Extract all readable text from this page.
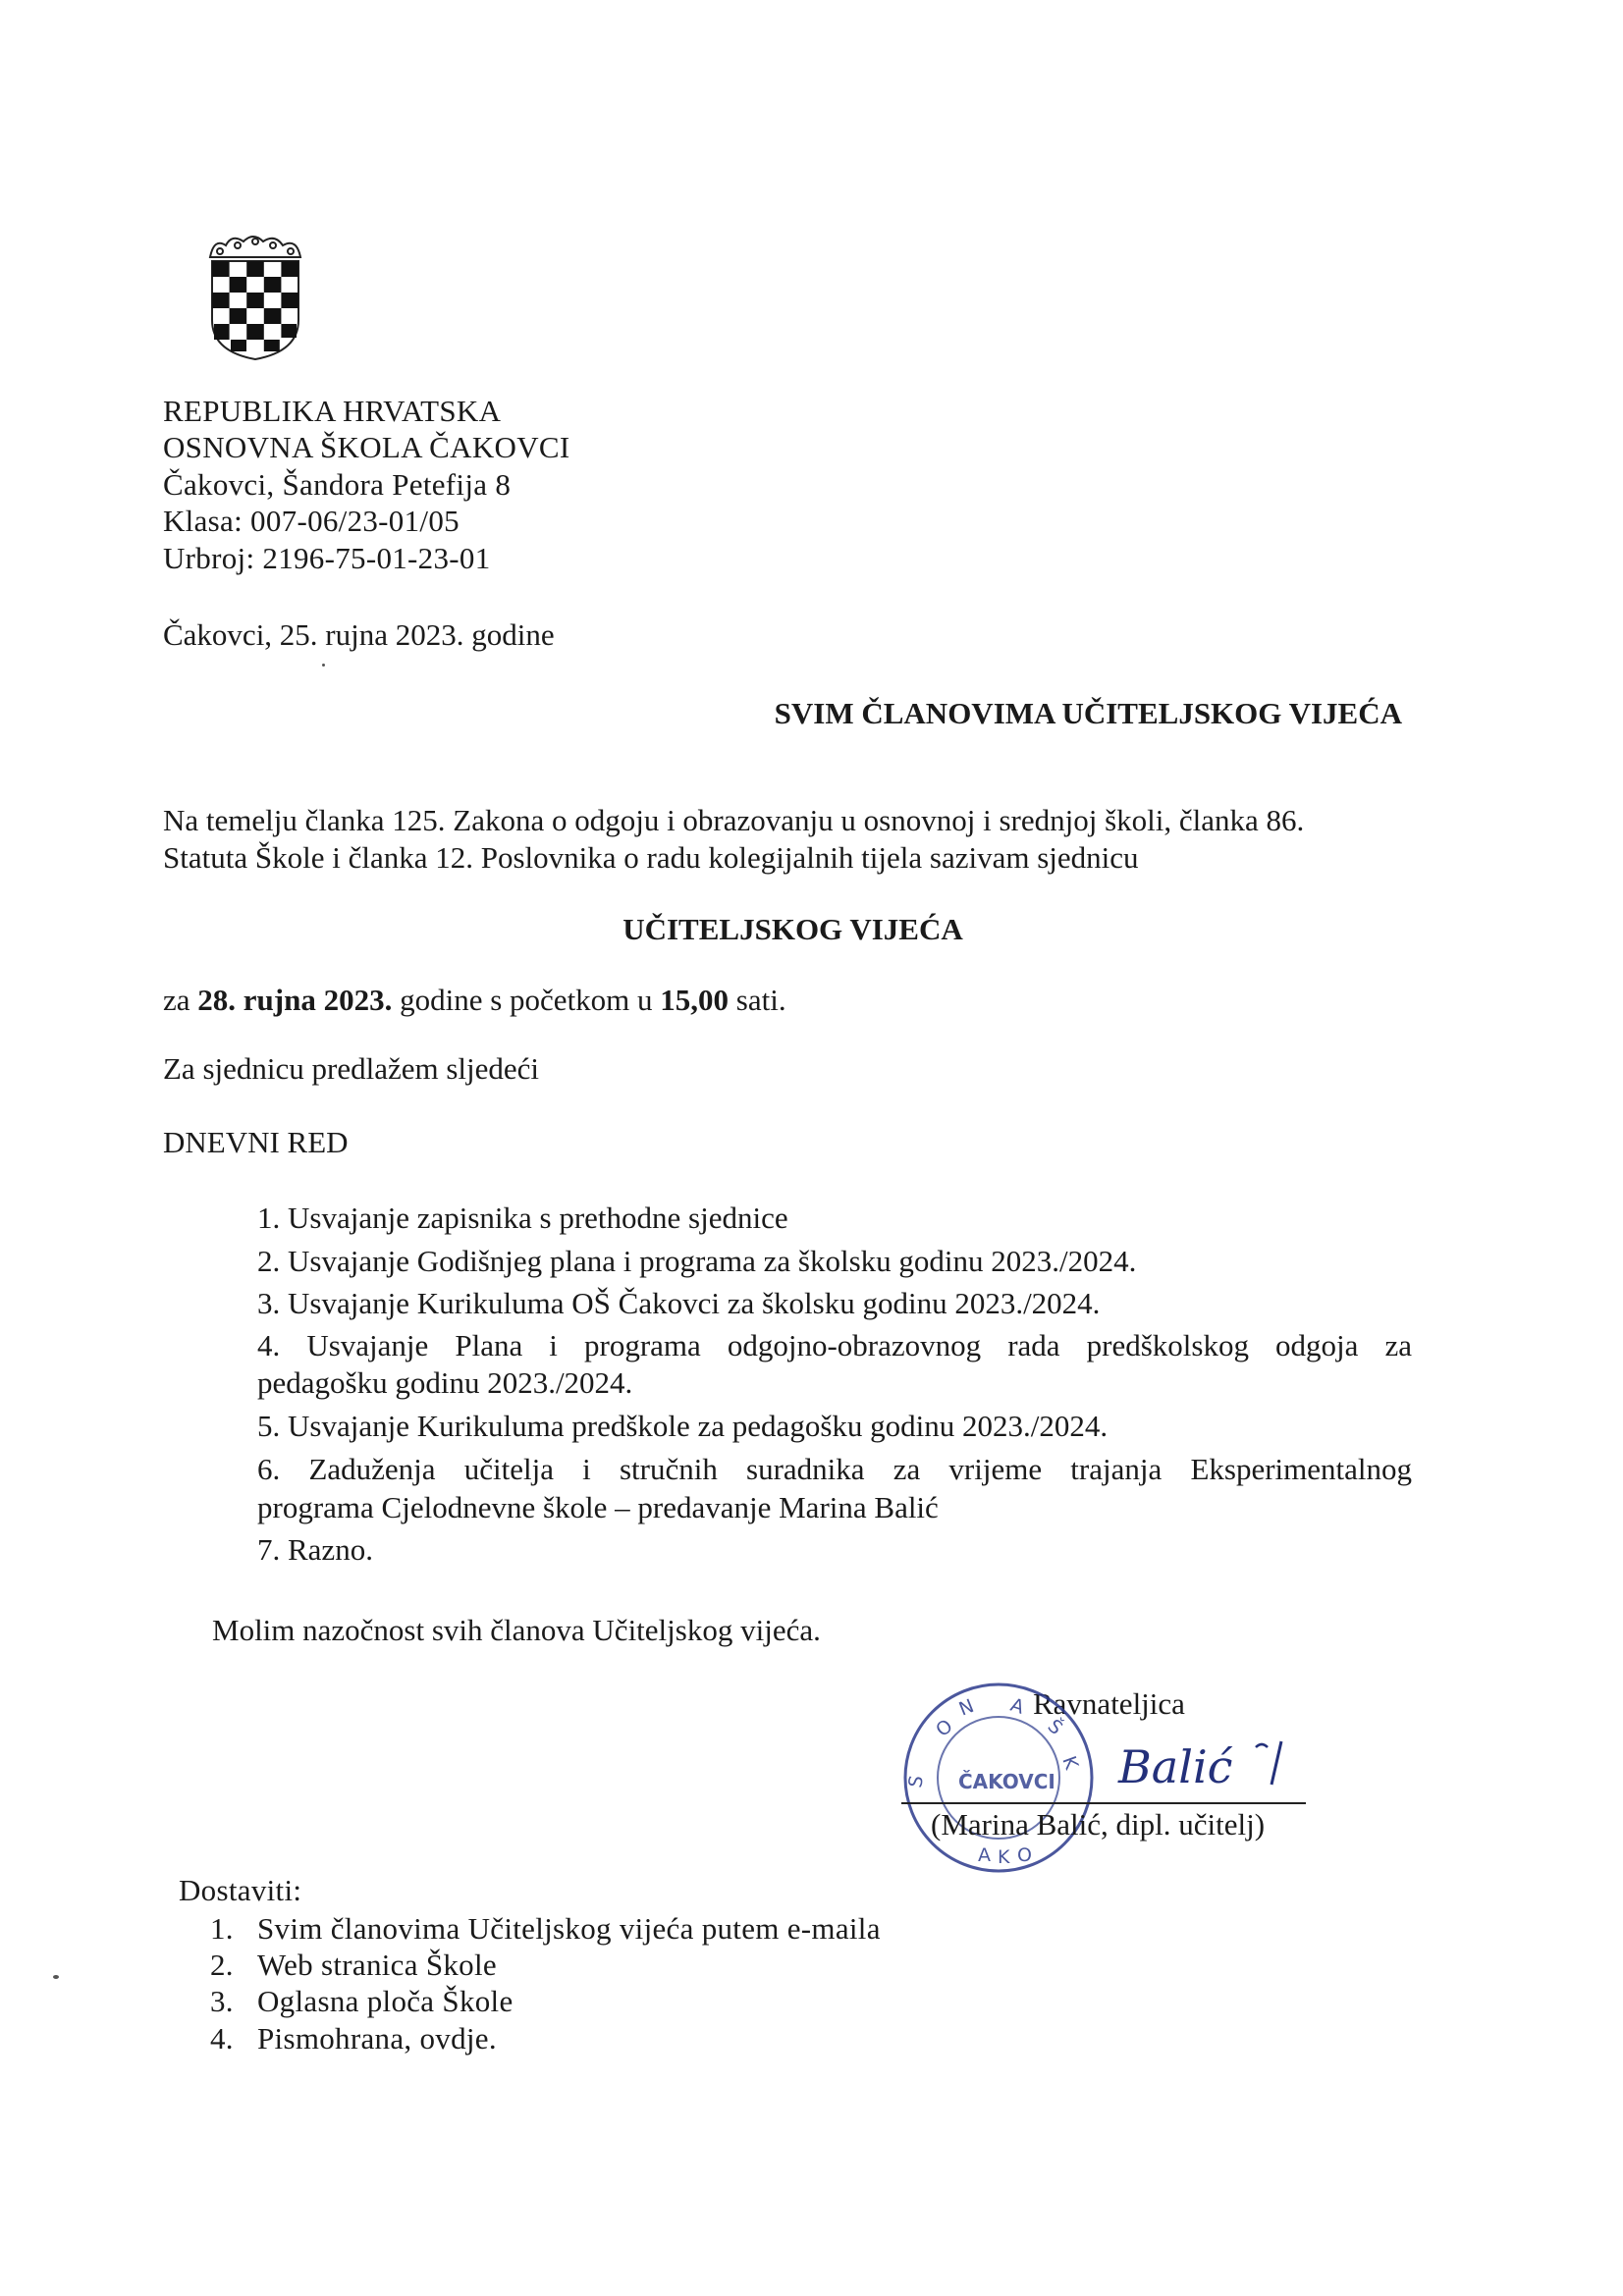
REPUBLIKA HRVATSKA
OSNOVNA ŠKOLA ČAKOVCI
Čakovci, Šandora Petefija 8
Klasa: 007-06/23-01/05
Urbroj: 2196-75-01-23-01
Čakovci, 25. rujna 2023. godine
SVIM ČLANOVIMA UČITELJSKOG VIJEĆA
Na temelju članka 125. Zakona o odgoju i obrazovanju u osnovnoj i srednjoj školi, članka 86.
Statuta Škole i članka 12. Poslovnika o radu kolegijalnih tijela sazivam sjednicu
UČITELJSKOG VIJEĆA
za 28. rujna 2023. godine s početkom u 15,00 sati.
Za sjednicu predlažem sljedeći
DNEVNI RED
1. Usvajanje zapisnika s prethodne sjednice
2. Usvajanje Godišnjeg plana i programa za školsku godinu 2023./2024.
3. Usvajanje Kurikuluma OŠ Čakovci za školsku godinu 2023./2024.
4. Usvajanje Plana i programa odgojno-obrazovnog rada predškolskog odgoja za
pedagošku godinu 2023./2024.
5. Usvajanje Kurikuluma predškole za pedagošku godinu 2023./2024.
6. Zaduženja učitelja i stručnih suradnika za vrijeme trajanja Eksperimentalnog
programa Cjelodnevne škole – predavanje Marina Balić
7. Razno.
Molim nazočnost svih članova Učiteljskog vijeća.
Ravnateljica
O
N A
Š
K
S
A K O
ČAKOVCI Balić
(Marina Balić, dipl. učitelj)
Dostaviti:
1. Svim članovima Učiteljskog vijeća putem e-maila
2. Web stranica Škole
3. Oglasna ploča Škole
4. Pismohrana, ovdje.
